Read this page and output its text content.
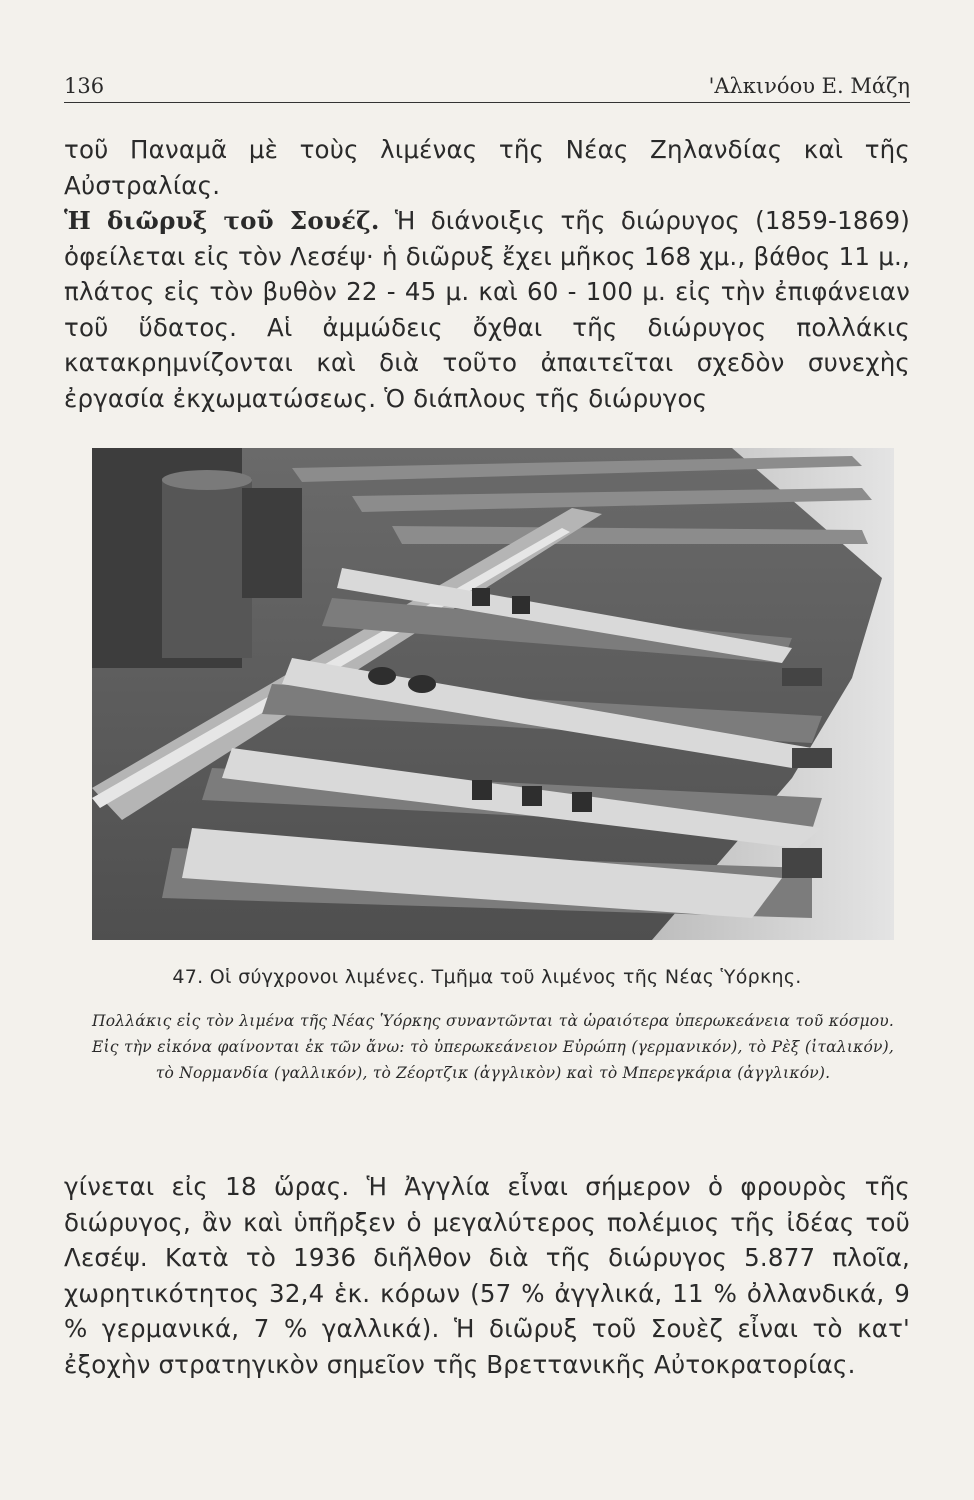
136	'Αλκινόου Ε. Μάζη

τοῦ Παναμᾶ μὲ τοὺς λιμένας τῆς Νέας Ζηλανδίας καὶ τῆς Αὐστραλίας.

Ἡ διῶρυξ τοῦ Σουέζ. Ἡ διάνοιξις τῆς διώρυγος (1859-1869) ὀφείλεται εἰς τὸν Λεσέψ· ἡ διῶρυξ ἔχει μῆκος 168 χμ., βάθος 11 μ., πλάτος εἰς τὸν βυθὸν 22 - 45 μ. καὶ 60 - 100 μ. εἰς τὴν ἐπιφάνειαν τοῦ ὕδατος. Αἱ ἀμμώδεις ὄχθαι τῆς διώρυγος πολλάκις κατακρημνίζονται καὶ διὰ τοῦτο ἀπαιτεῖται σχεδὸν συνεχὴς ἐργασία ἐκχωματώσεως. Ὁ διάπλους τῆς διώρυγος

47. Οἱ σύγχρονοι λιμένες. Τμῆμα τοῦ λιμένος τῆς Νέας Ὑόρκης.

Πολλάκις εἰς τὸν λιμένα τῆς Νέας Ὑόρκης συναντῶνται τὰ ὡραιότερα ὑπερωκεάνεια τοῦ κόσμου. Εἰς τὴν εἰκόνα φαίνονται ἐκ τῶν ἄνω: τὸ ὑπερωκεάνειον Εὐρώπη (γερμανικόν), τὸ Ρὲξ (ἰταλικόν), τὸ Νορμανδία (γαλλικόν), τὸ Ζέορτζικ (ἀγγλικὸν) καὶ τὸ Μπερεγκάρια (ἀγγλικόν).

γίνεται εἰς 18 ὥρας. Ἡ Ἀγγλία εἶναι σήμερον ὁ φρουρὸς τῆς διώρυγος, ἂν καὶ ὑπῆρξεν ὁ μεγαλύτερος πολέμιος τῆς ἰδέας τοῦ Λεσέψ. Κατὰ τὸ 1936 διῆλθον διὰ τῆς διώρυγος 5.877 πλοῖα, χωρητικότητος 32,4 ἑκ. κόρων (57 % ἀγγλικά, 11 % ὀλλανδικά, 9 % γερμανικά, 7 % γαλλικά). Ἡ διῶρυξ τοῦ Σουὲζ εἶναι τὸ κατ' ἐξοχὴν στρατηγικὸν σημεῖον τῆς Βρεττανικῆς Αὐτοκρατορίας.
